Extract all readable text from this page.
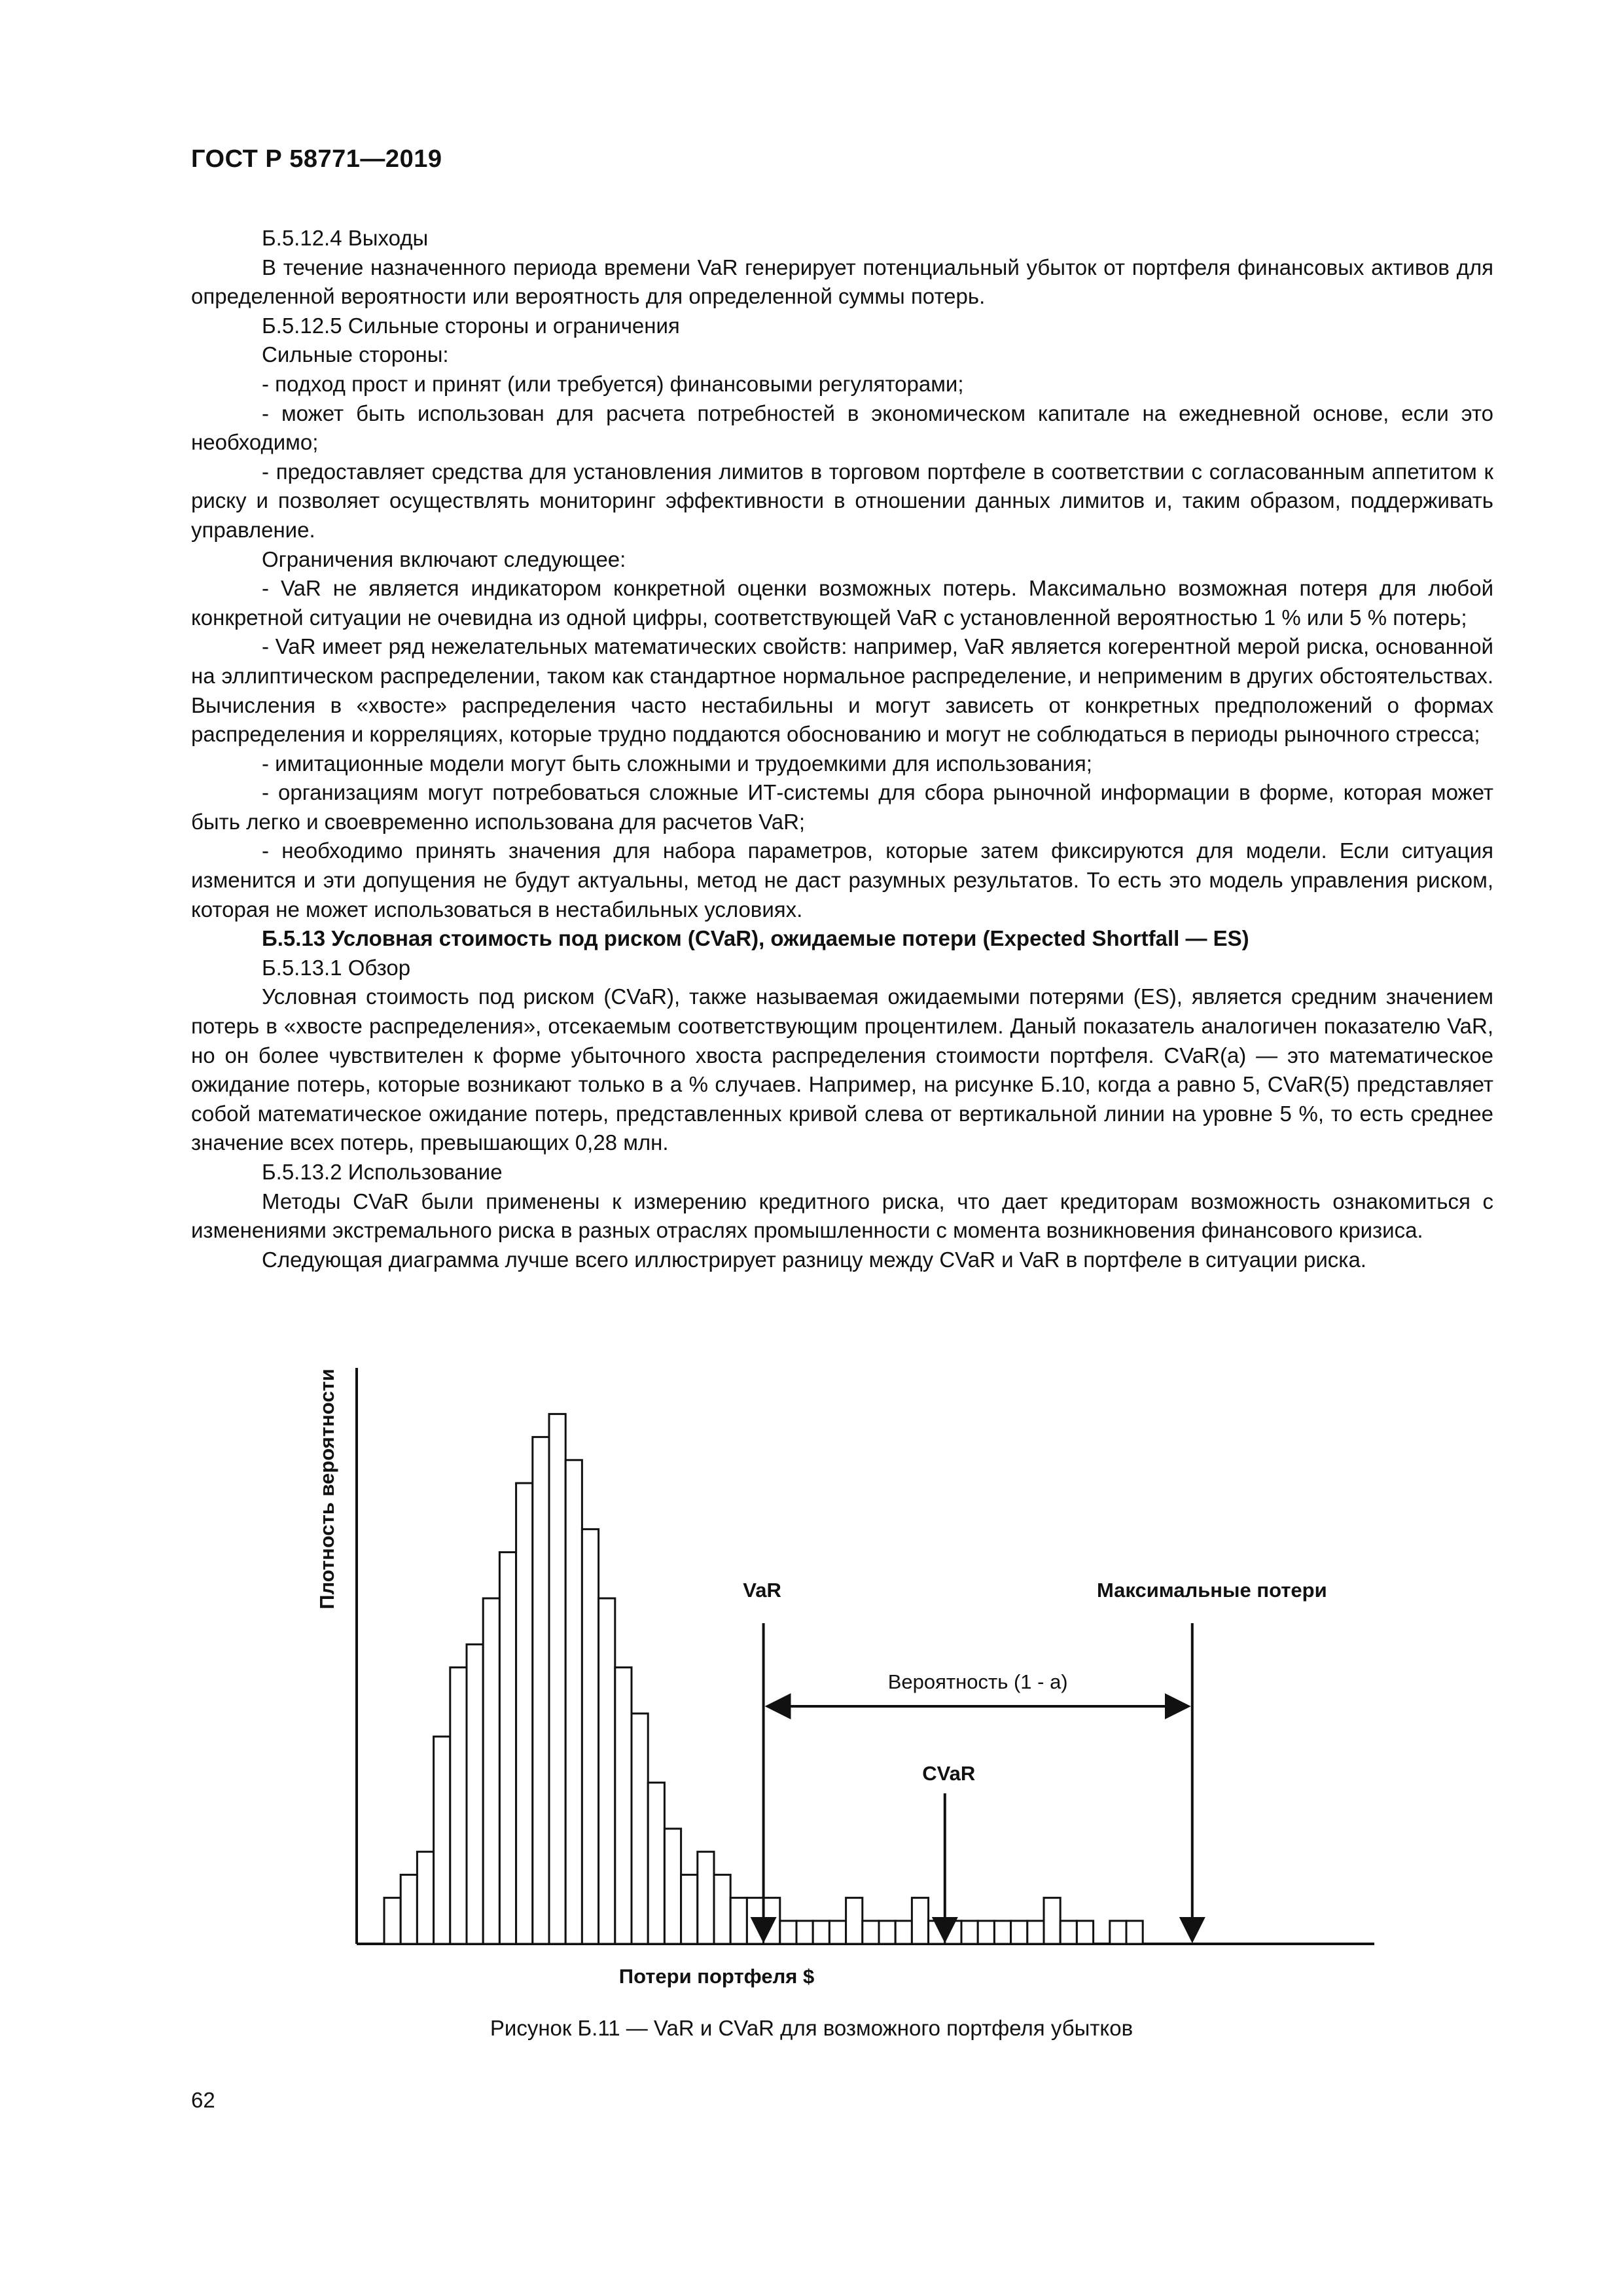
ГОСТ Р 58771—2019

Б.5.12.4 Выходы

В течение назначенного периода времени VaR генерирует потенциальный убыток от портфеля финансовых активов для определенной вероятности или вероятность для определенной суммы потерь.

Б.5.12.5 Сильные стороны и ограничения

Сильные стороны:

- подход прост и принят (или требуется) финансовыми регуляторами;

- может быть использован для расчета потребностей в экономическом капитале на ежедневной основе, если это необходимо;

- предоставляет средства для установления лимитов в торговом портфеле в соответствии с согласованным аппетитом к риску и позволяет осуществлять мониторинг эффективности в отношении данных лимитов и, таким образом, поддерживать управление.

Ограничения включают следующее:

- VaR не является индикатором конкретной оценки возможных потерь. Максимально возможная потеря для любой конкретной ситуации не очевидна из одной цифры, соответствующей VaR с установленной вероятностью 1 % или 5 % потерь;

- VaR имеет ряд нежелательных математических свойств: например, VaR является когерентной мерой риска, основанной на эллиптическом распределении, таком как стандартное нормальное распределение, и неприменим в других обстоятельствах. Вычисления в «хвосте» распределения часто нестабильны и могут зависеть от конкретных предположений о формах распределения и корреляциях, которые трудно поддаются обоснованию и могут не соблюдаться в периоды рыночного стресса;

- имитационные модели могут быть сложными и трудоемкими для использования;

- организациям могут потребоваться сложные ИТ-системы для сбора рыночной информации в форме, которая может быть легко и своевременно использована для расчетов VaR;

- необходимо принять значения для набора параметров, которые затем фиксируются для модели. Если ситуация изменится и эти допущения не будут актуальны, метод не даст разумных результатов. То есть это модель управления риском, которая не может использоваться в нестабильных условиях.

Б.5.13 Условная стоимость под риском (CVaR), ожидаемые потери (Expected Shortfall — ES)

Б.5.13.1 Обзор

Условная стоимость под риском (CVaR), также называемая ожидаемыми потерями (ES), является средним значением потерь в «хвосте распределения», отсекаемым соответствующим процентилем. Даный показатель аналогичен показателю VaR, но он более чувствителен к форме убыточного хвоста распределения стоимости портфеля. CVaR(a) — это математическое ожидание потерь, которые возникают только в a % случаев. Например, на рисунке Б.10, когда a равно 5, CVaR(5) представляет собой математическое ожидание потерь, представленных кривой слева от вертикальной линии на уровне 5 %, то есть среднее значение всех потерь, превышающих 0,28 млн.

Б.5.13.2 Использование

Методы CVaR были применены к измерению кредитного риска, что дает кредиторам возможность ознакомиться с изменениями экстремального риска в разных отраслях промышленности с момента возникновения финансового кризиса.

Следующая диаграмма лучше всего иллюстрирует разницу между CVaR и VaR в портфеле в ситуации риска.

Плотность вероятности
Потери портфеля $
VaR	Максимальные потери
Вероятность (1 - a)
CVaR
Рисунок Б.11 — VaR и CVaR для возможного портфеля убытков
62
